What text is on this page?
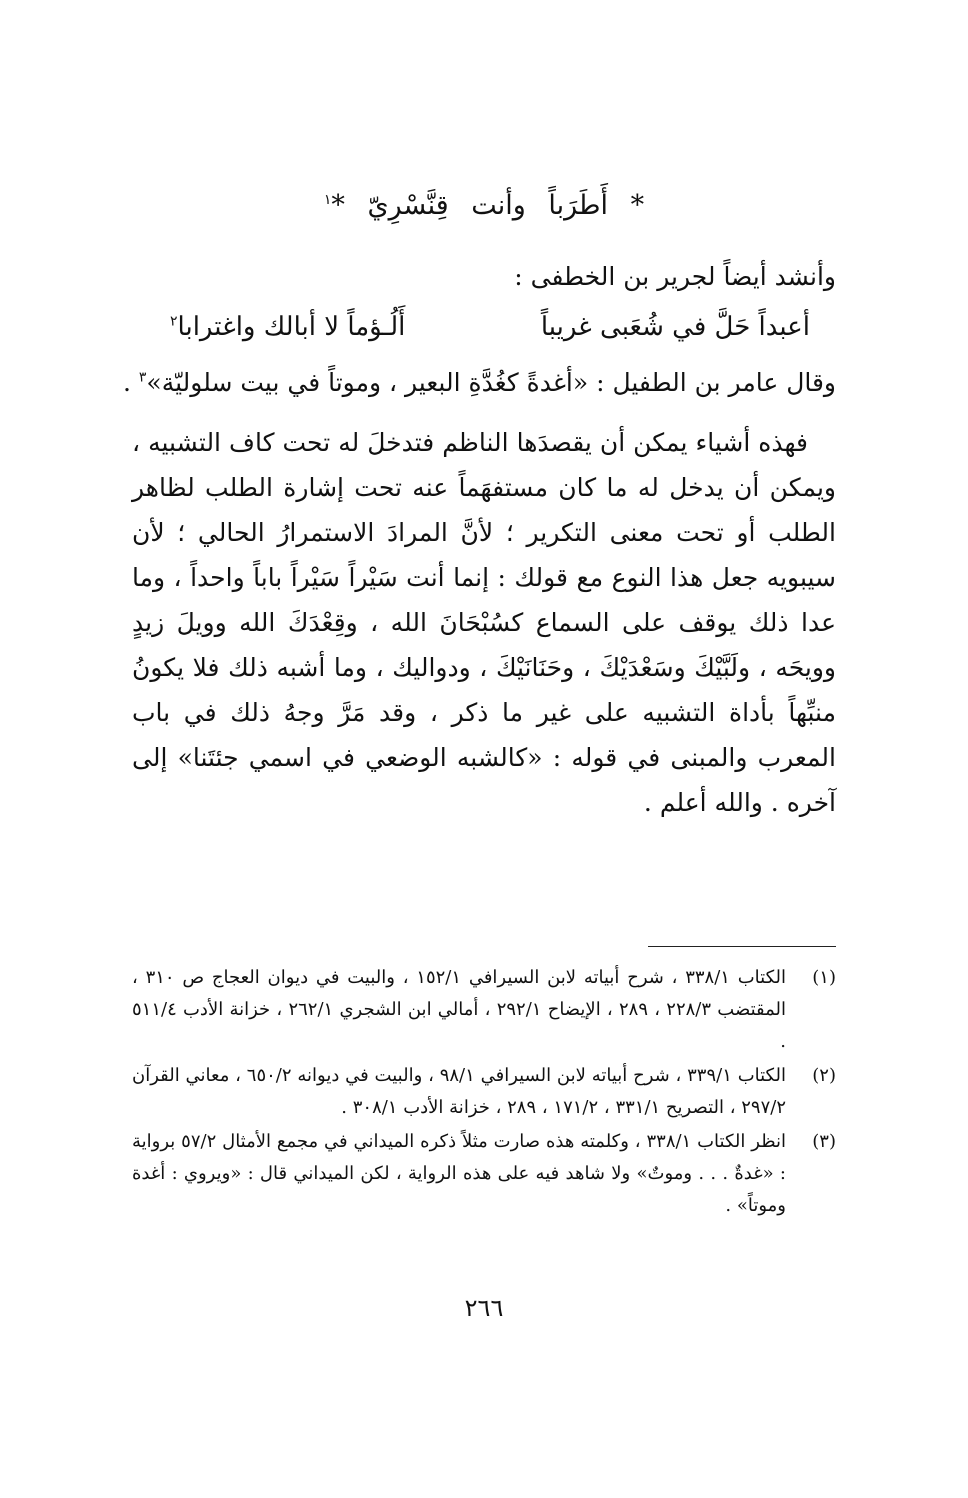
* أَطَرَباً وأنت قِنَّسْرِيّ *$^١$
وأنشد أيضاً لجرير بن الخطفى :
أعبداً حَلَّ في شُعَبى غريباً
أَلُـؤماً لا أبالك واغترابا$^٢$
وقال عامر بن الطفيل : «أغدةً كغُدَّةِ البعير ، وموتاً في بيت سلوليّة»$^٣$ .
فهذه أشياء يمكن أن يقصدَها الناظم فتدخلَ له تحت كاف التشبيه ، ويمكن أن يدخل له ما كان مستفهَماً عنه تحت إشارة الطلب لظاهر الطلب أو تحت معنى التكرير ؛ لأنَّ المرادَ الاستمرارُ الحالي ؛ لأن سيبويه جعل هذا النوع مع قولك : إنما أنت سَيْراً سَيْراً باباً واحداً ، وما عدا ذلك يوقف على السماع كسُبْحَانَ الله ، وقِعْدَكَ الله وويلَ زيدٍ وويحَه ، ولَبَّيْكَ وسَعْدَيْكَ ، وحَنَانَيْكَ ، ودواليك ، وما أشبه ذلك فلا يكونُ منبِّهاً بأداة التشبيه على غير ما ذكر ، وقد مَرَّ وجهُ ذلك في باب المعرب والمبنى في قوله : «كالشبه الوضعي في اسمي جئتَنا» إلى آخره . والله أعلم .
(١)
الكتاب ٣٣٨/١ ، شرح أبياته لابن السيرافي ١٥٢/١ ، والبيت في ديوان العجاج ص ٣١٠ ، المقتضب ٢٢٨/٣ ، ٢٨٩ ، الإيضاح ٢٩٢/١ ، أمالي ابن الشجري ٢٦٢/١ ، خزانة الأدب ٥١١/٤ .
(٢)
الكتاب ٣٣٩/١ ، شرح أبياته لابن السيرافي ٩٨/١ ، والبيت في ديوانه ٦٥٠/٢ ، معاني القرآن ٢٩٧/٢ ، التصريح ٣٣١/١ ، ١٧١/٢ ، ٢٨٩ ، خزانة الأدب ٣٠٨/١ .
(٣)
انظر الكتاب ٣٣٨/١ ، وكلمته هذه صارت مثلاً ذكره الميداني في مجمع الأمثال ٥٧/٢ برواية : «غدةٌ . . . وموتٌ» ولا شاهد فيه على هذه الرواية ، لكن الميداني قال : «ويروي : أغدة وموتاً» .
٢٦٦
